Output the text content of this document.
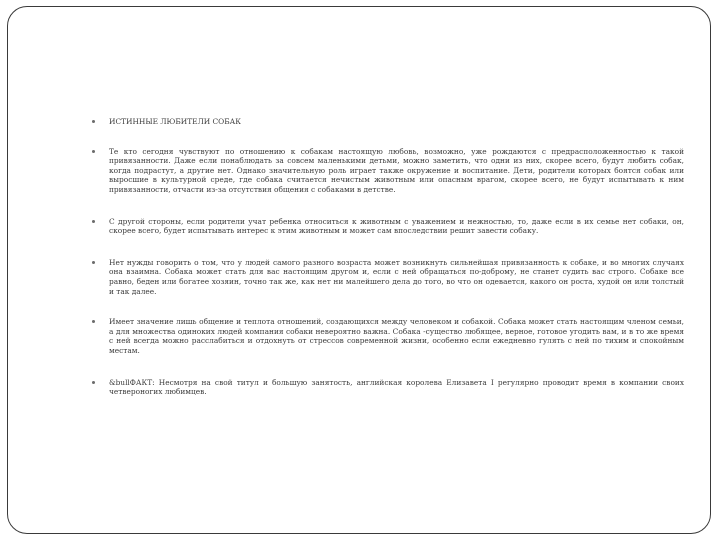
ИСТИННЫЕ ЛЮБИТЕЛИ СОБАК
Те кто сегодня чувствуют по отношению к собакам настоящую любовь, возможно, уже рождаются с предрасположенностью к такой привязанности. Даже если понаблюдать за совсем маленькими детьми, можно заметить, что одни из них, скорее всего, будут любить собак, когда подрастут, а другие нет. Однако значительную роль играет также окружение и воспитание. Дети, родители которых боятся собак или выросшие в культурной среде, где собака считается нечистым животным или опасным врагом, скорее всего, не будут испытывать к ним привязанности, отчасти из-за отсутствия общения с собаками в детстве.
С другой стороны, если родители учат ребенка относиться к животным с уважением и нежностью, то, даже если в их семье нет собаки, он, скорее всего, будет испытывать интерес к этим животным и может сам впоследствии решит завести собаку.
Нет нужды говорить о том, что у людей самого разного возраста может возникнуть сильнейшая привязанность к собаке, и во многих случаях она взаимна. Собака может стать для вас настоящим другом и, если с ней обращаться по-доброму, не станет судить вас строго. Собаке все равно, беден или богатее хозяин, точно так же, как нет ни малейшего дела до того, во что он одевается, какого он роста, худой он или толстый и так далее.
Имеет значение лишь общение и теплота отношений, создающихся между человеком и собакой. Собака может стать настоящим членом семьи, а для множества одиноких людей компания собаки невероятно важна. Собака -существо любящее, верное, готовое угодить вам, и в то же время с ней всегда можно расслабиться и отдохнуть от стрессов современной жизни, особенно если ежедневно гулять с ней по тихим и спокойным местам.
&bullФАКТ: Несмотря на свой титул и большую занятость, английская королева Елизавета I регулярно проводит время в компании своих четвероногих любимцев.
